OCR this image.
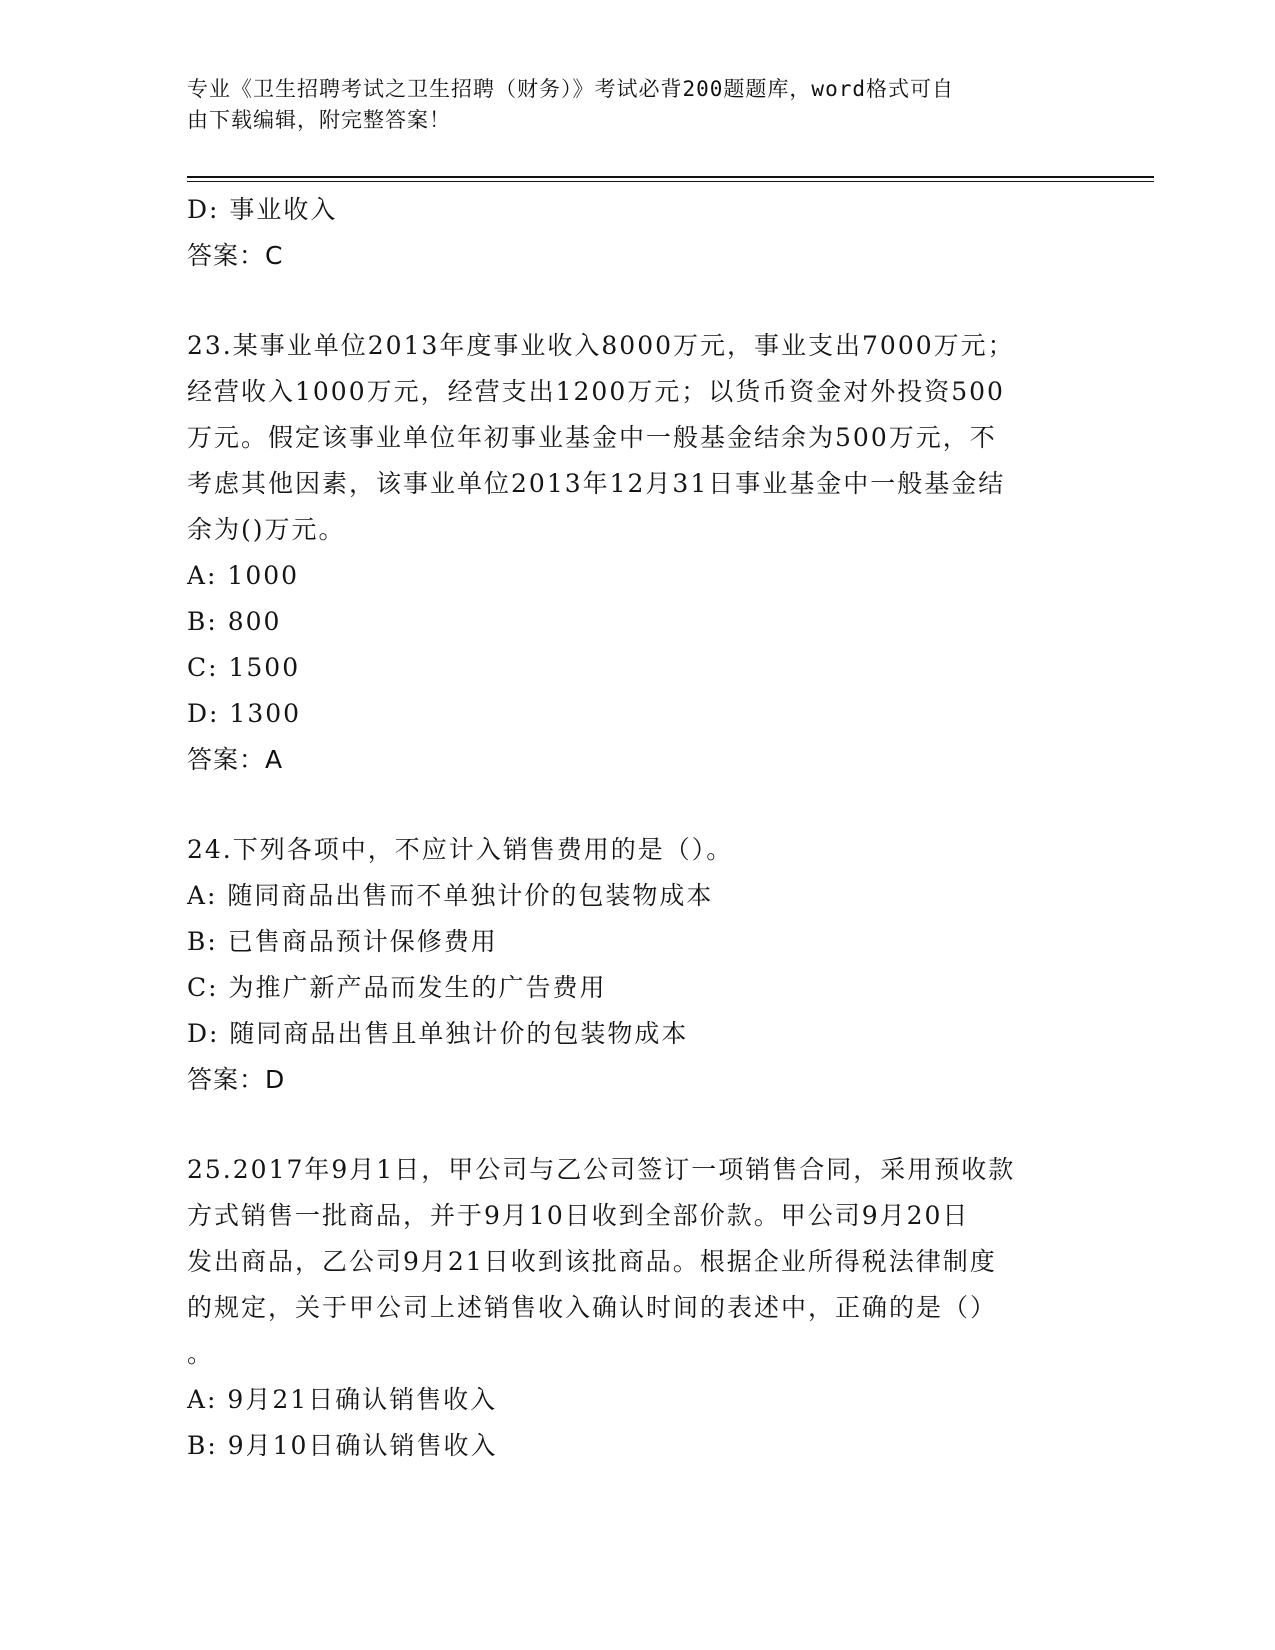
专业《卫生招聘考试之卫生招聘（财务）》考试必背200题题库，word格式可自
由下载编辑，附完整答案！
D: 事业收入
答案：C
23.某事业单位2013年度事业收入8000万元，事业支出7000万元；
经营收入1000万元，经营支出1200万元；以货币资金对外投资500
万元。假定该事业单位年初事业基金中一般基金结余为500万元，不
考虑其他因素，该事业单位2013年12月31日事业基金中一般基金结
余为()万元。
A: 1000
B: 800
C: 1500
D: 1300
答案：A
24.下列各项中，不应计入销售费用的是（）。
A: 随同商品出售而不单独计价的包装物成本
B: 已售商品预计保修费用
C: 为推广新产品而发生的广告费用
D: 随同商品出售且单独计价的包装物成本
答案：D
25.2017年9月1日，甲公司与乙公司签订一项销售合同，采用预收款
方式销售一批商品，并于9月10日收到全部价款。甲公司9月20日
发出商品，乙公司9月21日收到该批商品。根据企业所得税法律制度
的规定，关于甲公司上述销售收入确认时间的表述中，正确的是（）
。
A: 9月21日确认销售收入
B: 9月10日确认销售收入
